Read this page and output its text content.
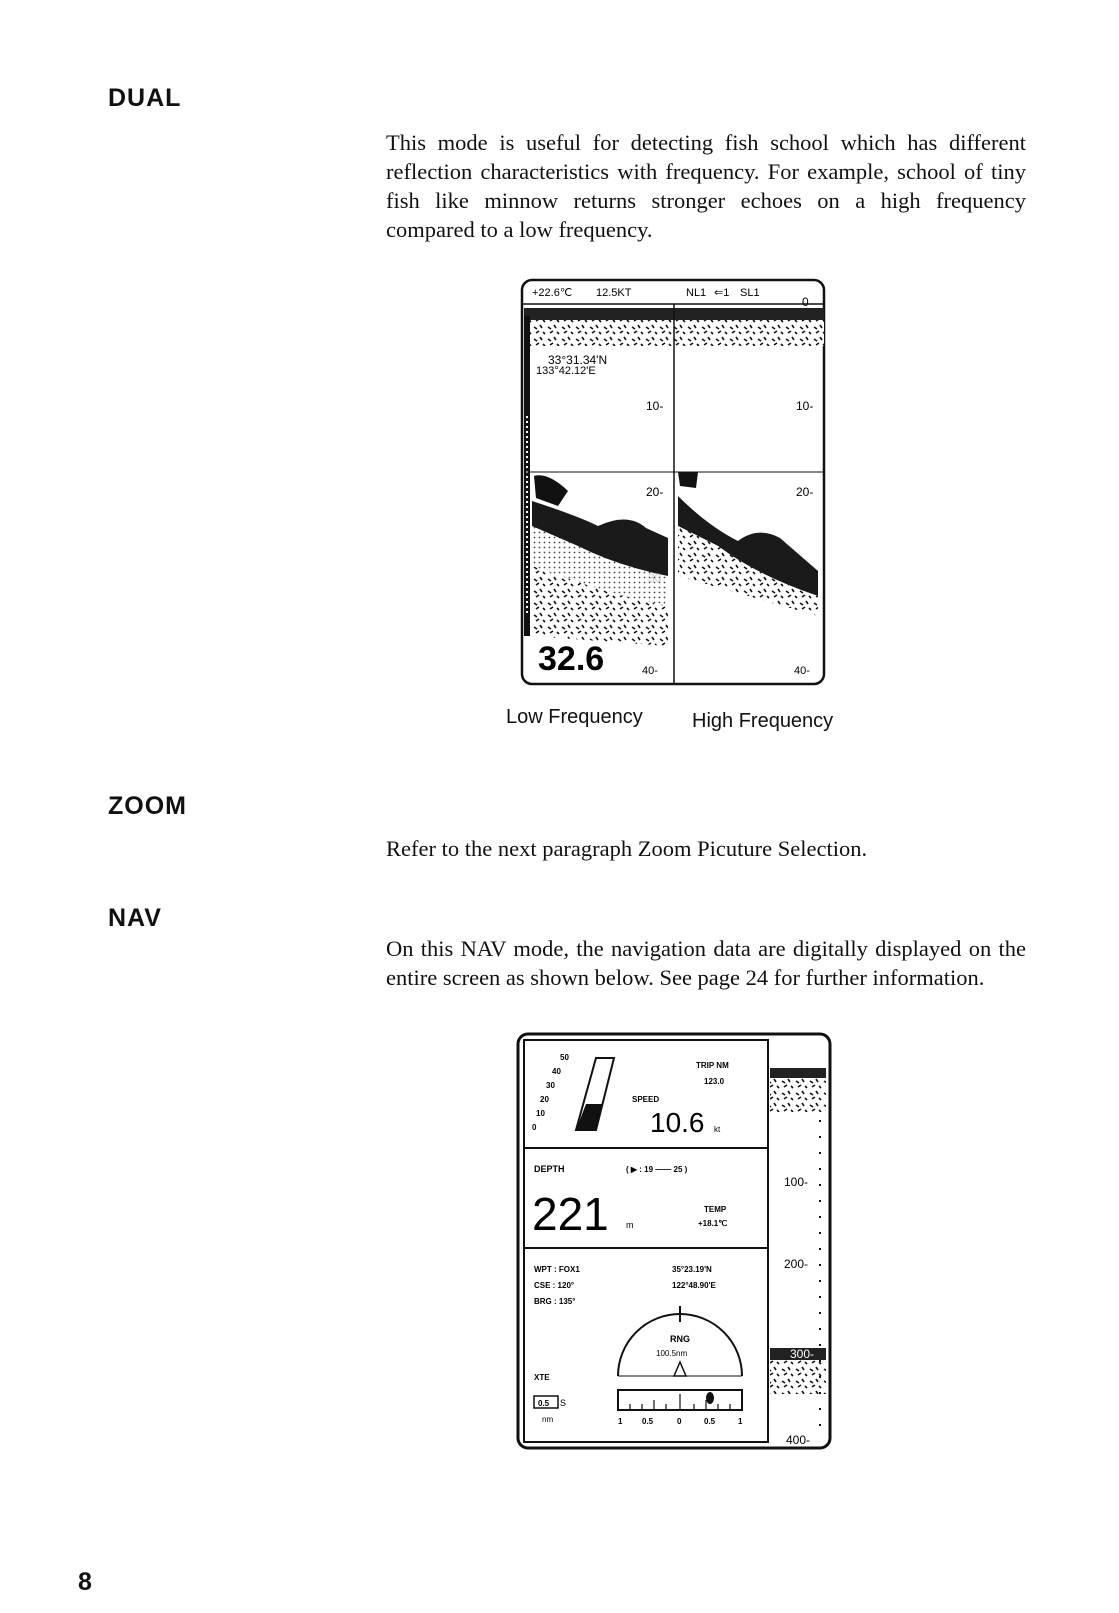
DUAL
This mode is useful for detecting fish school which has different reflection characteristics with frequency. For example, school of tiny fish like minnow returns stronger echoes on a high frequency compared to a low frequency.
+22.6℃ 12.5KT	NL1 ⇐1 SL1
0
33°31.34'N
133°42.12'E
10-	10-
20-	20-
30
32.6	40-	40-
Low Frequency High Frequency
ZOOM
Refer to the next paragraph Zoom Picuture Selection.
NAV
On this NAV mode, the navigation data are digitally displayed on the entire screen as shown below. See page 24 for further information.
50
40
30
20
10
0
TRIP NM
123.0
SPEED
10.6 kt
DEPTH	( ▶ : 19 —— 25 )
221 m
TEMP
+18.1℃
WPT : FOX1
CSE : 120°
BRG : 135°
35°23.19'N
122°48.90'E
RNG
100.5nm
XTE
0.5 S
nm	1 0.5	0	0.5	1
100-
200-
300-
400-
8
